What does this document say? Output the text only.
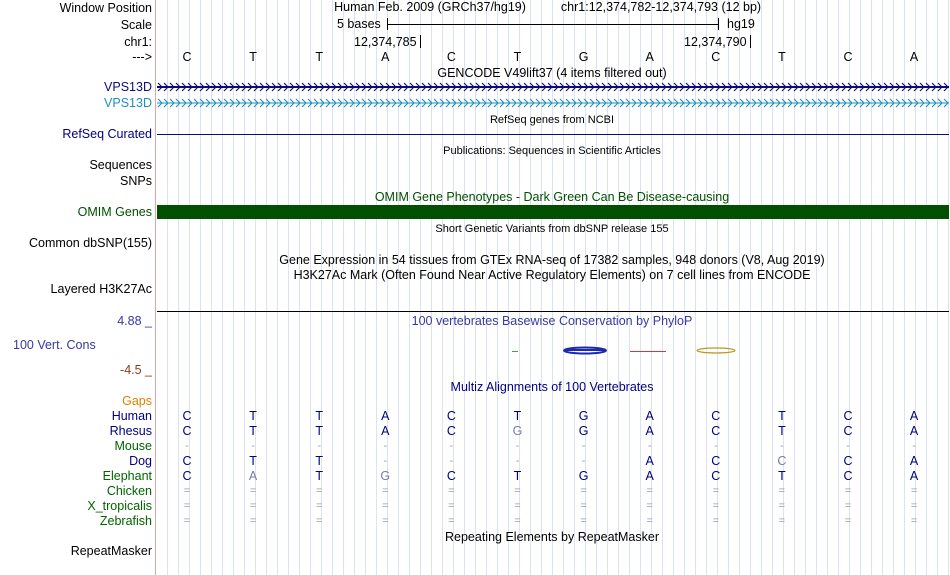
Window Position
Scale
chr1:
--->
Human Feb. 2009 (GRCh37/hg19)	chr1:12,374,782-12,374,793 (12 bp)
5 bases	hg19
12,374,785	12,374,790
C	T	T	A	C	T	G	A	C	T	C	A
GENCODE V49lift37 (4 items filtered out)
VPS13D
VPS13D
RefSeq genes from NCBI
RefSeq Curated
Publications: Sequences in Scientific Articles
Sequences
SNPs
OMIM Gene Phenotypes - Dark Green Can Be Disease-causing
OMIM Genes
Short Genetic Variants from dbSNP release 155
Common dbSNP(155)
Gene Expression in 54 tissues from GTEx RNA-seq of 17382 samples, 948 donors (V8, Aug 2019)
H3K27Ac Mark (Often Found Near Active Regulatory Elements) on 7 cell lines from ENCODE
Layered H3K27Ac
4.88 _	100 vertebrates Basewise Conservation by PhyloP
100 Vert. Cons
-4.5 _
Multiz Alignments of 100 Vertebrates
Gaps
Human C	T	T	A	C	T	G	A	C	T	C	A
Rhesus C	T	T	A	C	G	G	A	C	T	C	A
Mouse	-	-	-	-	-	-	-	-	-	-	-	-
Dog C	T	T	-	-	-	-	A	C	C	C	A
Elephant C	A	T	G	C	T	G	A	C	T	C	A
Chicken	=	=	=	=	=	=	=	=	=	=	=	=
X_tropicalis	=	=	=	=	=	=	=	=	=	=	=	=
Zebrafish	=	=	=	=	=	=	=	=	=	=	=	=
Repeating Elements by RepeatMasker
RepeatMasker
